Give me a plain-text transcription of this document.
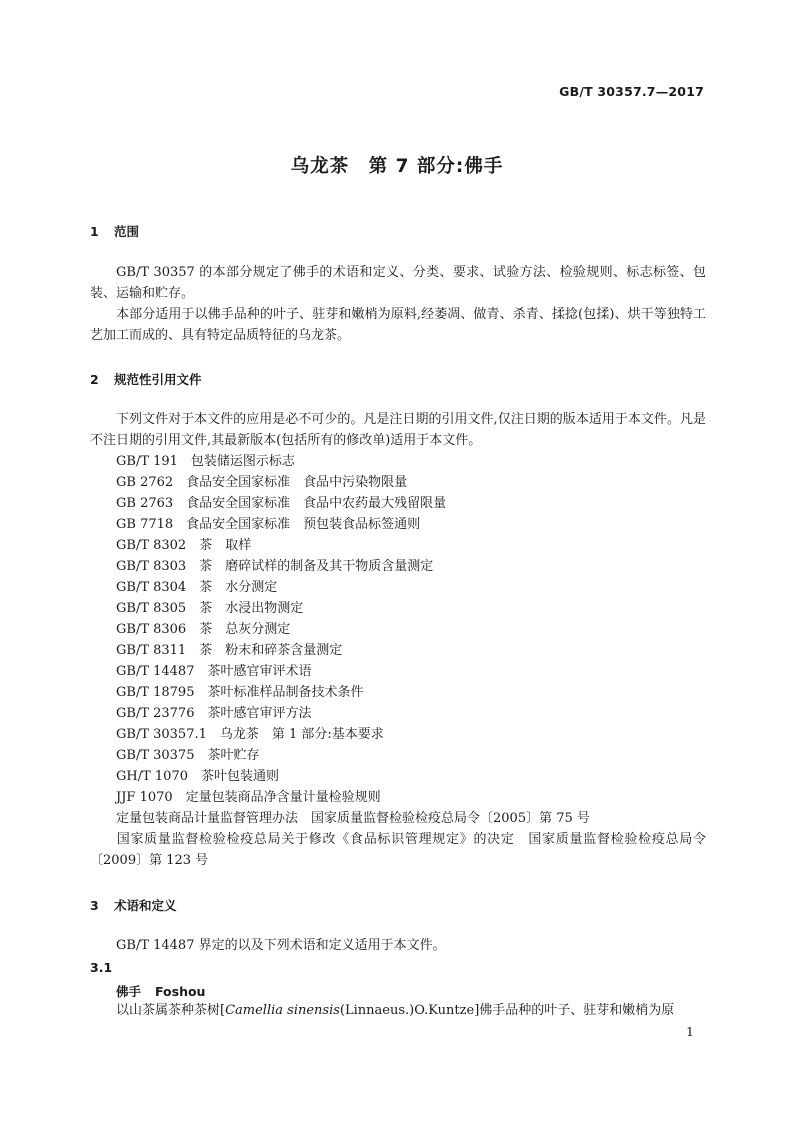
GB/T 30357.7—2017
乌龙茶　第 7 部分:佛手
1 范围
GB/T 30357 的本部分规定了佛手的术语和定义、分类、要求、试验方法、检验规则、标志标签、包装、运输和贮存。
本部分适用于以佛手品种的叶子、驻芽和嫩梢为原料,经萎凋、做青、杀青、揉捻(包揉)、烘干等独特工艺加工而成的、具有特定品质特征的乌龙茶。
2 规范性引用文件
下列文件对于本文件的应用是必不可少的。凡是注日期的引用文件,仅注日期的版本适用于本文件。凡是不注日期的引用文件,其最新版本(包括所有的修改单)适用于本文件。
GB/T 191　包装储运图示标志
GB 2762　食品安全国家标准　食品中污染物限量
GB 2763　食品安全国家标准　食品中农药最大残留限量
GB 7718　食品安全国家标准　预包装食品标签通则
GB/T 8302　茶　取样
GB/T 8303　茶　磨碎试样的制备及其干物质含量测定
GB/T 8304　茶　水分测定
GB/T 8305　茶　水浸出物测定
GB/T 8306　茶　总灰分测定
GB/T 8311　茶　粉末和碎茶含量测定
GB/T 14487　茶叶感官审评术语
GB/T 18795　茶叶标准样品制备技术条件
GB/T 23776　茶叶感官审评方法
GB/T 30357.1　乌龙茶　第 1 部分:基本要求
GB/T 30375　茶叶贮存
GH/T 1070　茶叶包装通则
JJF 1070　定量包装商品净含量计量检验规则
定量包装商品计量监督管理办法　国家质量监督检验检疫总局令〔2005〕第 75 号
国家质量监督检验检疫总局关于修改《食品标识管理规定》的决定　国家质量监督检验检疫总局令〔2009〕第 123 号
3 术语和定义
GB/T 14487 界定的以及下列术语和定义适用于本文件。
3.1
佛手 Foshou
以山茶属茶种茶树[Camellia sinensis(Linnaeus.)O.Kuntze]佛手品种的叶子、驻芽和嫩梢为原
1
